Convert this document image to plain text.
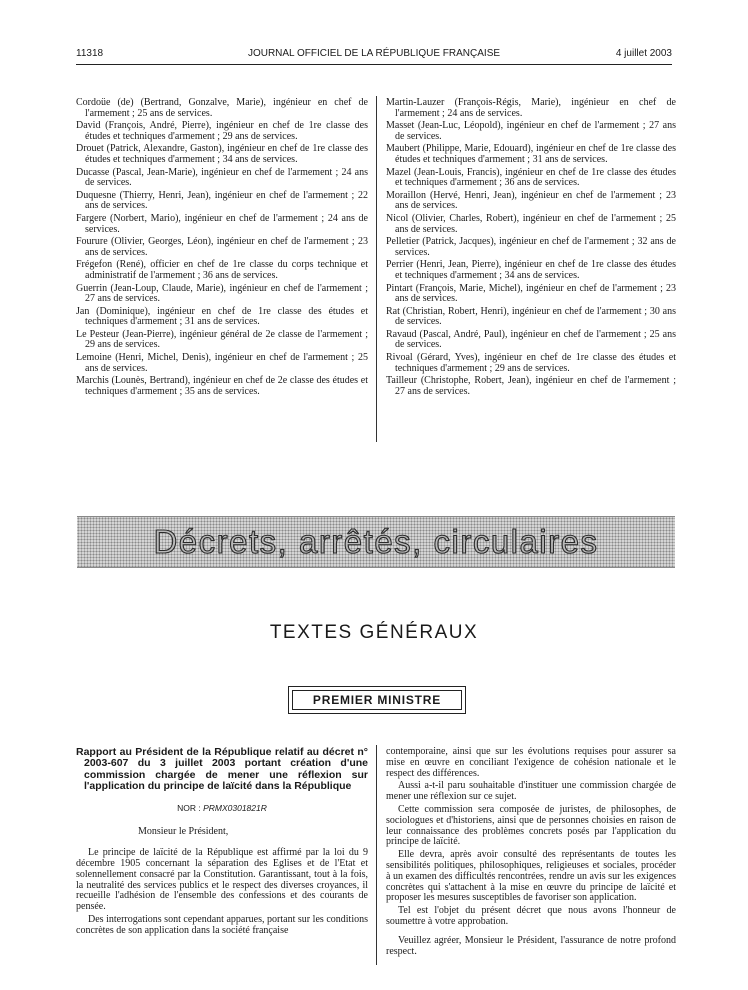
11318	JOURNAL OFFICIEL DE LA RÉPUBLIQUE FRANÇAISE	4 juillet 2003

Cordoüe (de) (Bertrand, Gonzalve, Marie), ingénieur en chef de l'armement ; 25 ans de services.

David (François, André, Pierre), ingénieur en chef de 1re classe des études et techniques d'armement ; 29 ans de services.

Drouet (Patrick, Alexandre, Gaston), ingénieur en chef de 1re classe des études et techniques d'armement ; 34 ans de services.

Ducasse (Pascal, Jean-Marie), ingénieur en chef de l'armement ; 24 ans de services.

Duquesne (Thierry, Henri, Jean), ingénieur en chef de l'armement ; 22 ans de services.

Fargere (Norbert, Mario), ingénieur en chef de l'armement ; 24 ans de services.

Fourure (Olivier, Georges, Léon), ingénieur en chef de l'armement ; 23 ans de services.

Frégefon (René), officier en chef de 1re classe du corps technique et administratif de l'armement ; 36 ans de services.

Guerrin (Jean-Loup, Claude, Marie), ingénieur en chef de l'armement ; 27 ans de services.

Jan (Dominique), ingénieur en chef de 1re classe des études et techniques d'armement ; 31 ans de services.

Le Pesteur (Jean-Pierre), ingénieur général de 2e classe de l'armement ; 29 ans de services.

Lemoine (Henri, Michel, Denis), ingénieur en chef de l'armement ; 25 ans de services.

Marchis (Lounès, Bertrand), ingénieur en chef de 2e classe des études et techniques d'armement ; 35 ans de services.

Martin-Lauzer (François-Régis, Marie), ingénieur en chef de l'armement ; 24 ans de services.

Masset (Jean-Luc, Léopold), ingénieur en chef de l'armement ; 27 ans de services.

Maubert (Philippe, Marie, Edouard), ingénieur en chef de 1re classe des études et techniques d'armement ; 31 ans de services.

Mazel (Jean-Louis, Francis), ingénieur en chef de 1re classe des études et techniques d'armement ; 36 ans de services.

Moraillon (Hervé, Henri, Jean), ingénieur en chef de l'armement ; 23 ans de services.

Nicol (Olivier, Charles, Robert), ingénieur en chef de l'armement ; 25 ans de services.

Pelletier (Patrick, Jacques), ingénieur en chef de l'armement ; 32 ans de services.

Perrier (Henri, Jean, Pierre), ingénieur en chef de 1re classe des études et techniques d'armement ; 34 ans de services.

Pintart (François, Marie, Michel), ingénieur en chef de l'armement ; 23 ans de services.

Rat (Christian, Robert, Henri), ingénieur en chef de l'armement ; 30 ans de services.

Ravaud (Pascal, André, Paul), ingénieur en chef de l'armement ; 25 ans de services.

Rivoal (Gérard, Yves), ingénieur en chef de 1re classe des études et techniques d'armement ; 29 ans de services.

Tailleur (Christophe, Robert, Jean), ingénieur en chef de l'armement ; 27 ans de services.

Décrets, arrêtés, circulaires
TEXTES GÉNÉRAUX
PREMIER MINISTRE

Rapport au Président de la République relatif au décret n° 2003-607 du 3 juillet 2003 portant création d'une commission chargée de mener une réflexion sur l'application du principe de laïcité dans la République

NOR : PRMX0301821R

Monsieur le Président,

Le principe de laïcité de la République est affirmé par la loi du 9 décembre 1905 concernant la séparation des Eglises et de l'Etat et solennellement consacré par la Constitution. Garantissant, tout à la fois, la neutralité des services publics et le respect des diverses croyances, il recueille l'adhésion de l'ensemble des confessions et des courants de pensée.

Des interrogations sont cependant apparues, portant sur les conditions concrètes de son application dans la société française

contemporaine, ainsi que sur les évolutions requises pour assurer sa mise en œuvre en conciliant l'exigence de cohésion nationale et le respect des différences.

Aussi a-t-il paru souhaitable d'instituer une commission chargée de mener une réflexion sur ce sujet.

Cette commission sera composée de juristes, de philosophes, de sociologues et d'historiens, ainsi que de personnes choisies en raison de leur connaissance des problèmes concrets posés par l'application du principe de laïcité.

Elle devra, après avoir consulté des représentants de toutes les sensibilités politiques, philosophiques, religieuses et sociales, procéder à un examen des difficultés rencontrées, rendre un avis sur les exigences concrètes qui s'attachent à la mise en œuvre du principe de laïcité et proposer les mesures susceptibles de favoriser son application.

Tel est l'objet du présent décret que nous avons l'honneur de soumettre à votre approbation.

Veuillez agréer, Monsieur le Président, l'assurance de notre profond respect.
